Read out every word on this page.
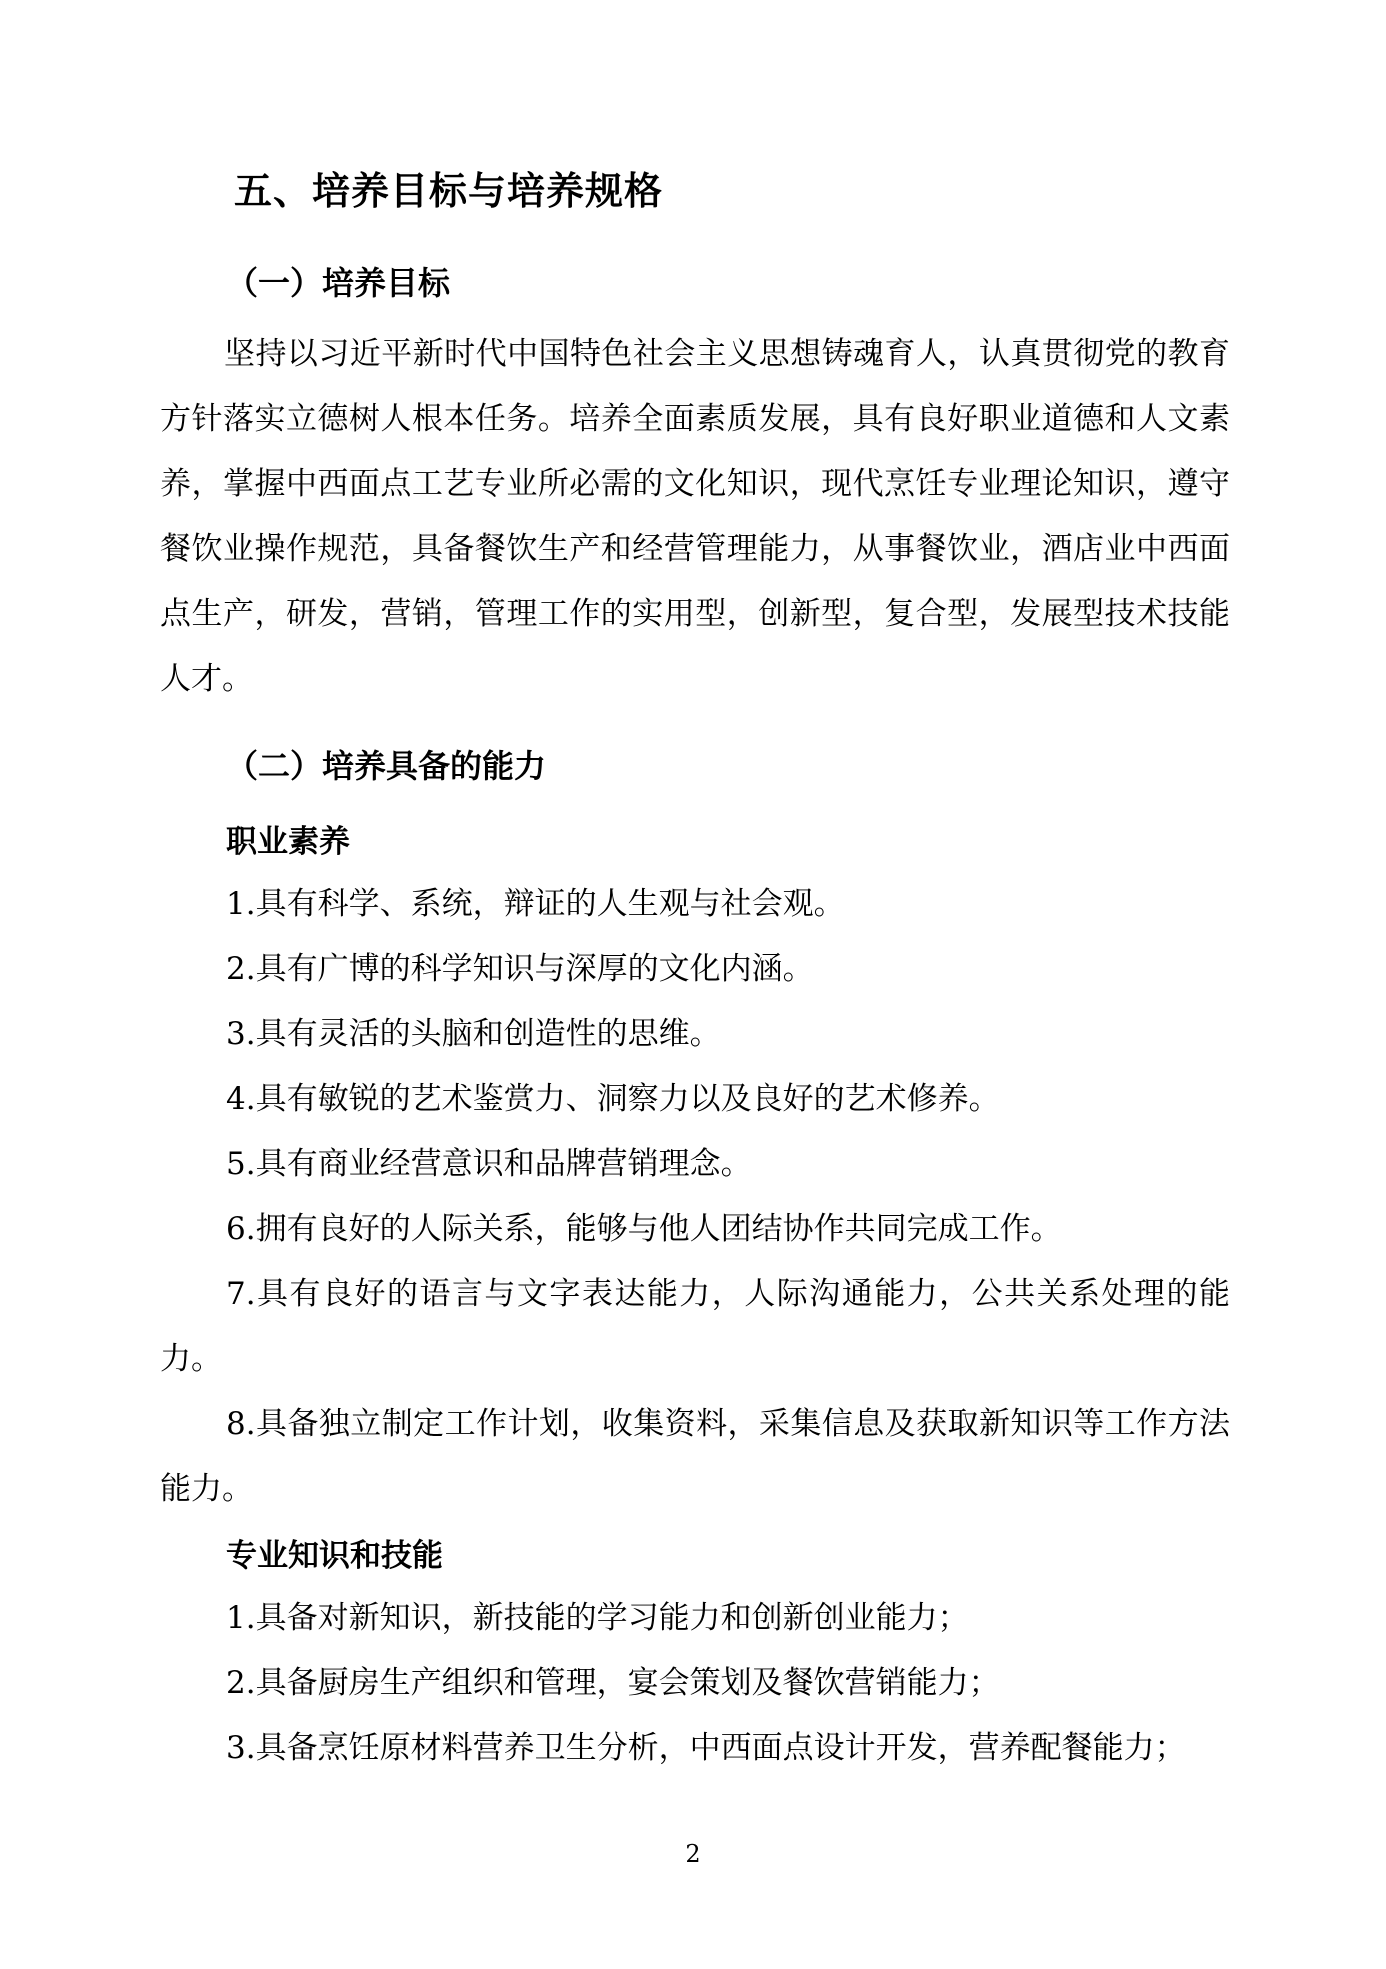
五、培养目标与培养规格
（一）培养目标

坚持以习近平新时代中国特色社会主义思想铸魂育人，认真贯彻党的教育方针落实立德树人根本任务。培养全面素质发展，具有良好职业道德和人文素养，掌握中西面点工艺专业所必需的文化知识，现代烹饪专业理论知识，遵守餐饮业操作规范，具备餐饮生产和经营管理能力，从事餐饮业，酒店业中西面点生产，研发，营销，管理工作的实用型，创新型，复合型，发展型技术技能人才。

（二）培养具备的能力
职业素养
1.具有科学、系统，辩证的人生观与社会观。
2.具有广博的科学知识与深厚的文化内涵。
3.具有灵活的头脑和创造性的思维。
4.具有敏锐的艺术鉴赏力、洞察力以及良好的艺术修养。
5.具有商业经营意识和品牌营销理念。
6.拥有良好的人际关系，能够与他人团结协作共同完成工作。

7.具有良好的语言与文字表达能力，人际沟通能力，公共关系处理的能力。

8.具备独立制定工作计划，收集资料，采集信息及获取新知识等工作方法能力。

专业知识和技能
1.具备对新知识，新技能的学习能力和创新创业能力；
2.具备厨房生产组织和管理，宴会策划及餐饮营销能力；
3.具备烹饪原材料营养卫生分析，中西面点设计开发，营养配餐能力；
2
